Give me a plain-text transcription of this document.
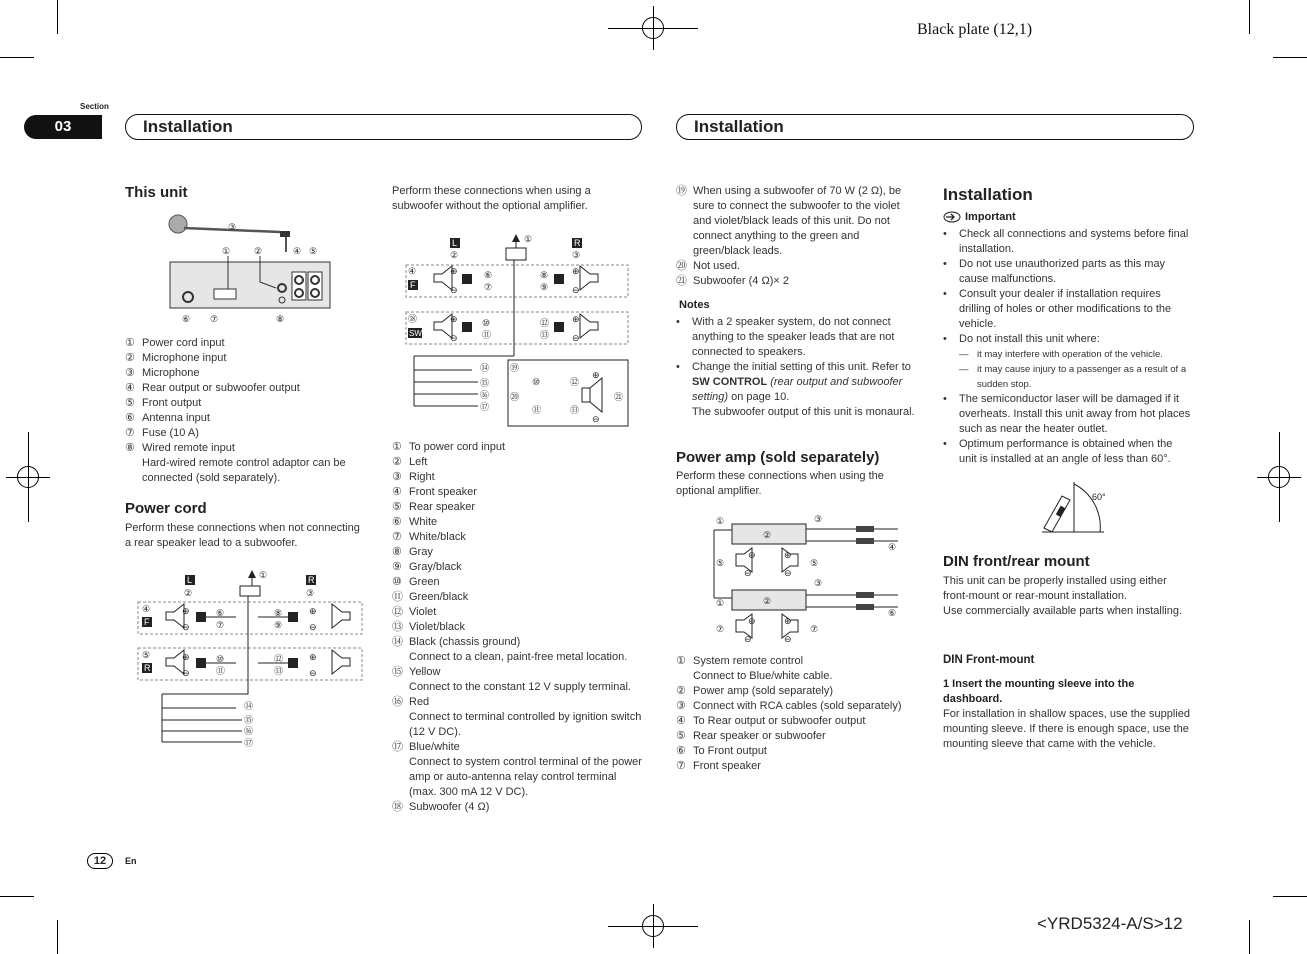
Black plate (12,1)
Section
03	Installation	Installation
This unit
③
①	②	④ ⑤
⑥ ⑦	⑧
① Power cord input
② Microphone input
③ Microphone
④ Rear output or subwoofer output
⑤ Front output
⑥ Antenna input
⑦ Fuse (10 A)
⑧ Wired remote input
Hard-wired remote control adaptor can be connected (sold separately).
Power cord
Perform these connections when not connecting a rear speaker lead to a subwoofer.
L	R
②	③
①
④
F
⊕
⊖
⊕
⊖
⑥
⑦
⑧
⑨
⑤
R
⊕
⊖
⊕
⊖
⑩
⑪
⑫
⑬
⑭
⑮
⑯
⑰
Perform these connections when using a subwoofer without the optional amplifier.
L	R
②	③
①
④
F
⊕
⊖
⊕
⊖
⑥
⑦
⑧
⑨
⑱
SW
⊕
⊖
⊕
⊖
⑩
⑪
⑫
⑬
⑭
⑮
⑯
⑰
⑲
⑳
⑩
⑪
⑫
⑬
⊕
⊖
㉑
① To power cord input
② Left
③ Right
④ Front speaker
⑤ Rear speaker
⑥ White
⑦ White/black
⑧ Gray
⑨ Gray/black
⑩ Green
⑪ Green/black
⑫ Violet
⑬ Violet/black
⑭ Black (chassis ground)
Connect to a clean, paint-free metal location.
⑮ Yellow
Connect to the constant 12 V supply terminal.
⑯ Red
Connect to terminal controlled by ignition switch (12 V DC).
⑰ Blue/white
Connect to system control terminal of the power amp or auto-antenna relay control terminal (max. 300 mA 12 V DC).
⑱ Subwoofer (4 Ω)
⑲ When using a subwoofer of 70 W (2 Ω), be sure to connect the subwoofer to the violet and violet/black leads of this unit. Do not connect anything to the green and green/black leads.
⑳ Not used.
㉑ Subwoofer (4 Ω)× 2
Notes
•	With a 2 speaker system, do not connect anything to the speaker leads that are not connected to speakers.
•	Change the initial setting of this unit. Refer to SW CONTROL (rear output and subwoofer setting) on page 10.
The subwoofer output of this unit is monaural.
Power amp (sold separately)
Perform these connections when using the optional amplifier.
①
②
③
④
⑤
⊕
⊖
⊕
⊖
⑤
③
②
①
⑥
⑦
⊕
⊖
⊕
⊖
⑦
① System remote control
Connect to Blue/white cable.
② Power amp (sold separately)
③ Connect with RCA cables (sold separately)
④ To Rear output or subwoofer output
⑤ Rear speaker or subwoofer
⑥ To Front output
⑦ Front speaker
Installation
Important
•	Check all connections and systems before final installation.
•	Do not use unauthorized parts as this may cause malfunctions.
•	Consult your dealer if installation requires drilling of holes or other modifications to the vehicle.
•	Do not install this unit where:
— it may interfere with operation of the vehicle.
— it may cause injury to a passenger as a result of a sudden stop.
•	The semiconductor laser will be damaged if it overheats. Install this unit away from hot places such as near the heater outlet.
•	Optimum performance is obtained when the unit is installed at an angle of less than 60°.
60°
DIN front/rear mount
This unit can be properly installed using either front-mount or rear-mount installation.
Use commercially available parts when installing.
DIN Front-mount
1 Insert the mounting sleeve into the dashboard.
For installation in shallow spaces, use the supplied mounting sleeve. If there is enough space, use the mounting sleeve that came with the vehicle.
12	En
<YRD5324-A/S>12
